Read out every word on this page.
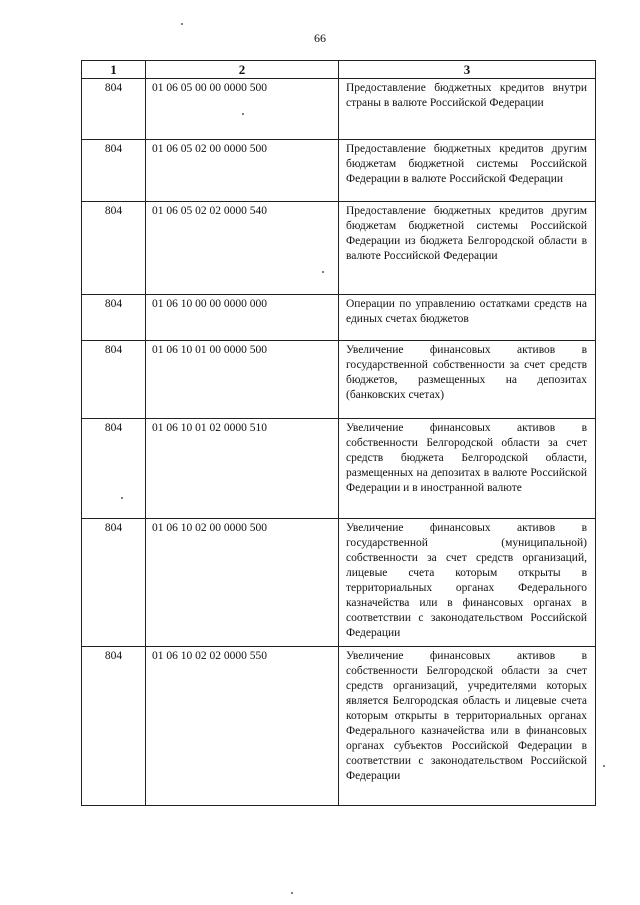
66
1	2	3
804	01 06 05 00 00 0000 500	Предоставление бюджетных кредитов внутри страны в валюте Российской Федерации
804	01 06 05 02 00 0000 500	Предоставление бюджетных кредитов другим бюджетам бюджетной системы Российской Федерации в валюте Российской Федерации
804	01 06 05 02 02 0000 540	Предоставление бюджетных кредитов другим бюджетам бюджетной системы Российской Федерации из бюджета Белгородской области в валюте Российской Федерации
804	01 06 10 00 00 0000 000	Операции по управлению остатками средств на единых счетах бюджетов
804	01 06 10 01 00 0000 500	Увеличение финансовых активов в государственной собственности за счет средств бюджетов, размещенных на депозитах (банковских счетах)
804	01 06 10 01 02 0000 510	Увеличение финансовых активов в собственности Белгородской области за счет средств бюджета Белгородской области, размещенных на депозитах в валюте Российской Федерации и в иностранной валюте
804	01 06 10 02 00 0000 500	Увеличение финансовых активов в государственной (муниципальной) собственности за счет средств организаций, лицевые счета которым открыты в территориальных органах Федерального казначейства или в финансовых органах в соответствии с законодательством Российской Федерации
804	01 06 10 02 02 0000 550	Увеличение финансовых активов в собственности Белгородской области за счет средств организаций, учредителями которых является Белгородская область и лицевые счета которым открыты в территориальных органах Федерального казначейства или в финансовых органах субъектов Российской Федерации в соответствии с законодательством Российской Федерации
